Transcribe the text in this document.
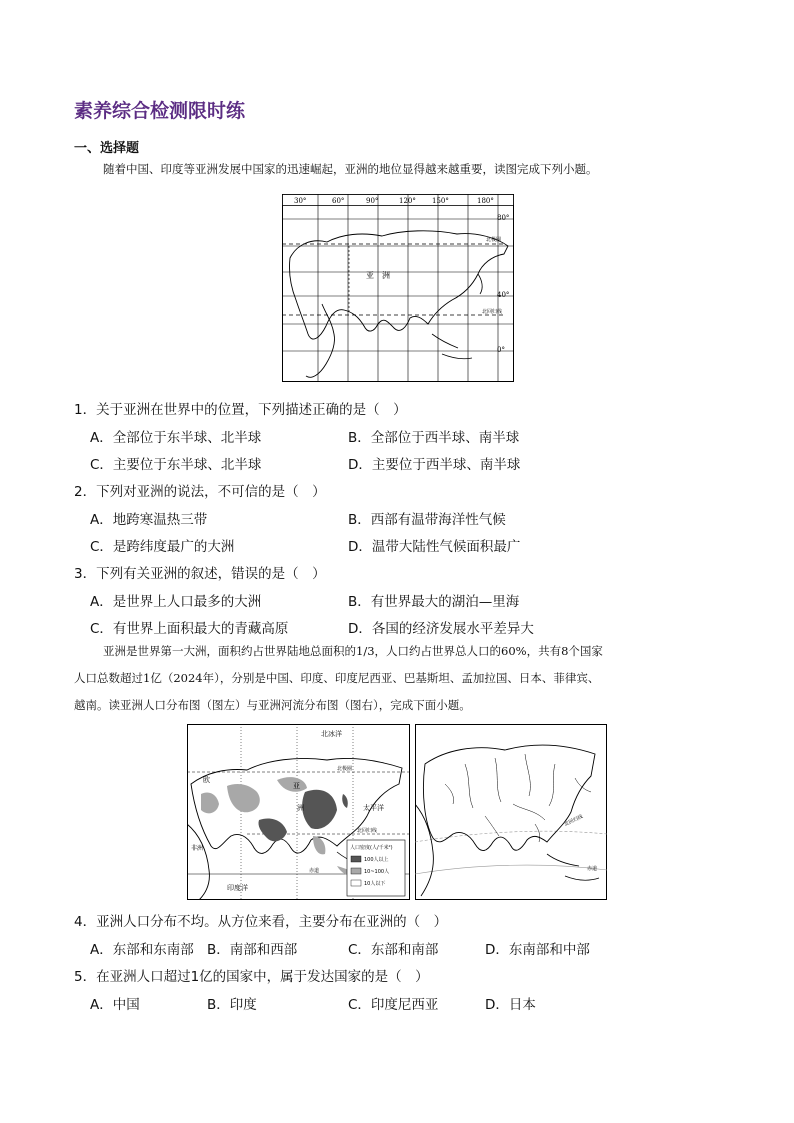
素养综合检测限时练
一、选择题
随着中国、印度等亚洲发展中国家的迅速崛起，亚洲的地位显得越来越重要，读图完成下列小题。
30°	60°	90°	120° 150°	180°
80°
40°
0°
亚　洲
北极圈
北回归线
1．关于亚洲在世界中的位置，下列描述正确的是（　）
A．全部位于东半球、北半球	B．全部位于西半球、南半球
C．主要位于东半球、北半球	D．主要位于西半球、南半球
2．下列对亚洲的说法，不可信的是（　）
A．地跨寒温热三带	B．西部有温带海洋性气候
C．是跨纬度最广的大洲	D．温带大陆性气候面积最广
3．下列有关亚洲的叙述，错误的是（　）
A．是世界上人口最多的大洲	B．有世界最大的湖泊—里海
C．有世界上面积最大的青藏高原	D．各国的经济发展水平差异大
亚洲是世界第一大洲，面积约占世界陆地总面积的1/3，人口约占世界总人口的60%，共有8个国家
人口总数超过1亿（2024年），分别是中国、印度、印度尼西亚、巴基斯坦、孟加拉国、日本、菲律宾、
越南。读亚洲人口分布图（图左）与亚洲河流分布图（图右），完成下面小题。
北冰洋
北极圈
欧
亚
洲	太平洋
北回归线
印度洋
赤道
非洲	人口密度(人/千米²)
100人以上
10~100人
10人以下
北回归线
赤道
4．亚洲人口分布不均。从方位来看，主要分布在亚洲的（　）
A．东部和东南部 B．南部和西部	C．东部和南部	D．东南部和中部
5．在亚洲人口超过1亿的国家中，属于发达国家的是（　）
A．中国	B．印度	C．印度尼西亚	D．日本
